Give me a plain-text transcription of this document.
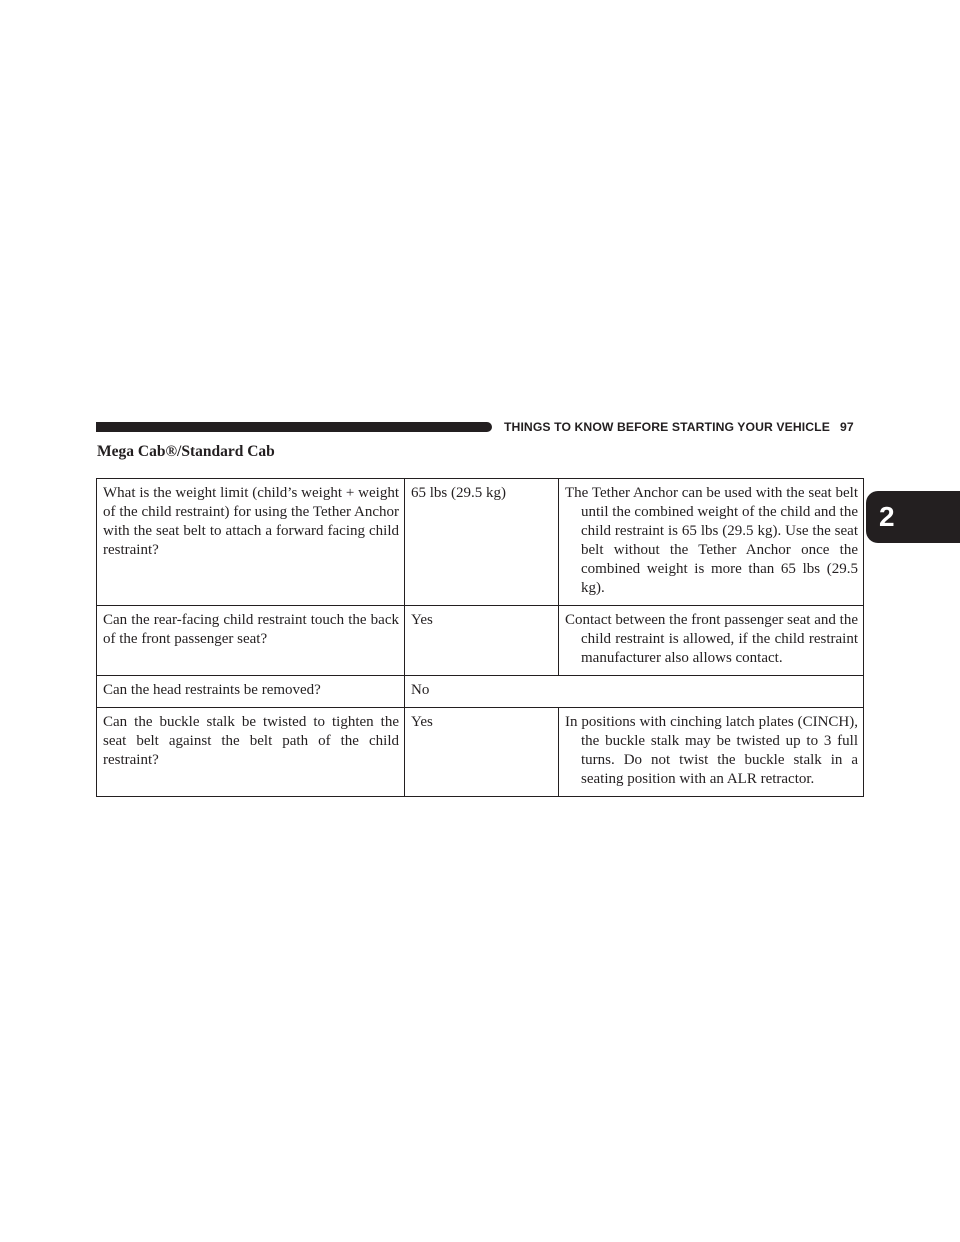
THINGS TO KNOW BEFORE STARTING YOUR VEHICLE 97
Mega Cab®/Standard Cab
2
What is the weight limit (child’s weight + weight of the child restraint) for using the Tether Anchor with the seat belt to attach a forward facing child restraint?	65 lbs (29.5 kg)	The Tether Anchor can be used with the seat belt until the combined weight of the child and the child restraint is 65 lbs (29.5 kg). Use the seat belt without the Tether Anchor once the combined weight is more than 65 lbs (29.5 kg).

Can the rear-facing child restraint touch the back of the front passenger seat?	Yes	Contact between the front passenger seat and the child restraint is allowed, if the child restraint manufacturer also allows contact.

Can the head restraints be removed?	No	
Can the buckle stalk be twisted to tighten the seat belt against the belt path of the child restraint?	Yes	In positions with cinching latch plates (CINCH), the buckle stalk may be twisted up to 3 full turns. Do not twist the buckle stalk in a seating position with an ALR retractor.
